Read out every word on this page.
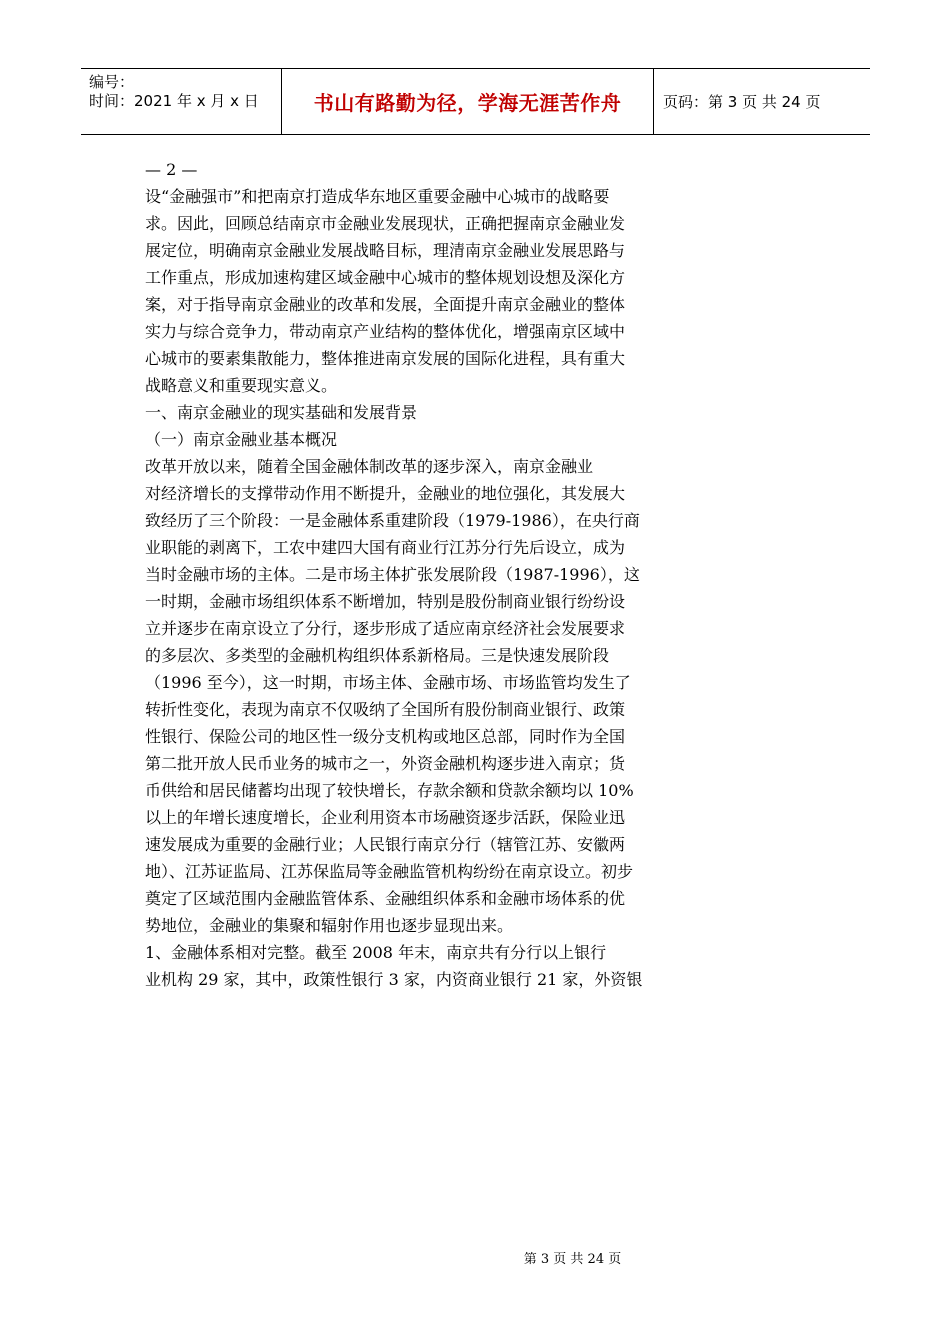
编号：
时间：2021 年 x 月 x 日	书山有路勤为径，学海无涯苦作舟	页码：第 3 页 共 24 页
— 2 —
设“金融强市”和把南京打造成华东地区重要金融中心城市的战略要
求。因此，回顾总结南京市金融业发展现状，正确把握南京金融业发
展定位，明确南京金融业发展战略目标，理清南京金融业发展思路与
工作重点，形成加速构建区域金融中心城市的整体规划设想及深化方
案，对于指导南京金融业的改革和发展，全面提升南京金融业的整体
实力与综合竞争力，带动南京产业结构的整体优化，增强南京区域中
心城市的要素集散能力，整体推进南京发展的国际化进程，具有重大
战略意义和重要现实意义。
一、南京金融业的现实基础和发展背景
（一）南京金融业基本概况
改革开放以来，随着全国金融体制改革的逐步深入，南京金融业
对经济增长的支撑带动作用不断提升，金融业的地位强化，其发展大
致经历了三个阶段：一是金融体系重建阶段（1979-1986），在央行商
业职能的剥离下，工农中建四大国有商业行江苏分行先后设立，成为
当时金融市场的主体。二是市场主体扩张发展阶段（1987-1996），这
一时期，金融市场组织体系不断增加，特别是股份制商业银行纷纷设
立并逐步在南京设立了分行，逐步形成了适应南京经济社会发展要求
的多层次、多类型的金融机构组织体系新格局。三是快速发展阶段
（1996 至今），这一时期，市场主体、金融市场、市场监管均发生了
转折性变化，表现为南京不仅吸纳了全国所有股份制商业银行、政策
性银行、保险公司的地区性一级分支机构或地区总部，同时作为全国
第二批开放人民币业务的城市之一，外资金融机构逐步进入南京；货
币供给和居民储蓄均出现了较快增长，存款余额和贷款余额均以 10%
以上的年增长速度增长，企业利用资本市场融资逐步活跃，保险业迅
速发展成为重要的金融行业；人民银行南京分行（辖管江苏、安徽两
地）、江苏证监局、江苏保监局等金融监管机构纷纷在南京设立。初步
奠定了区域范围内金融监管体系、金融组织体系和金融市场体系的优
势地位，金融业的集聚和辐射作用也逐步显现出来。
1、金融体系相对完整。截至 2008 年末，南京共有分行以上银行
业机构 29 家，其中，政策性银行 3 家，内资商业银行 21 家，外资银
第 3 页 共 24 页
